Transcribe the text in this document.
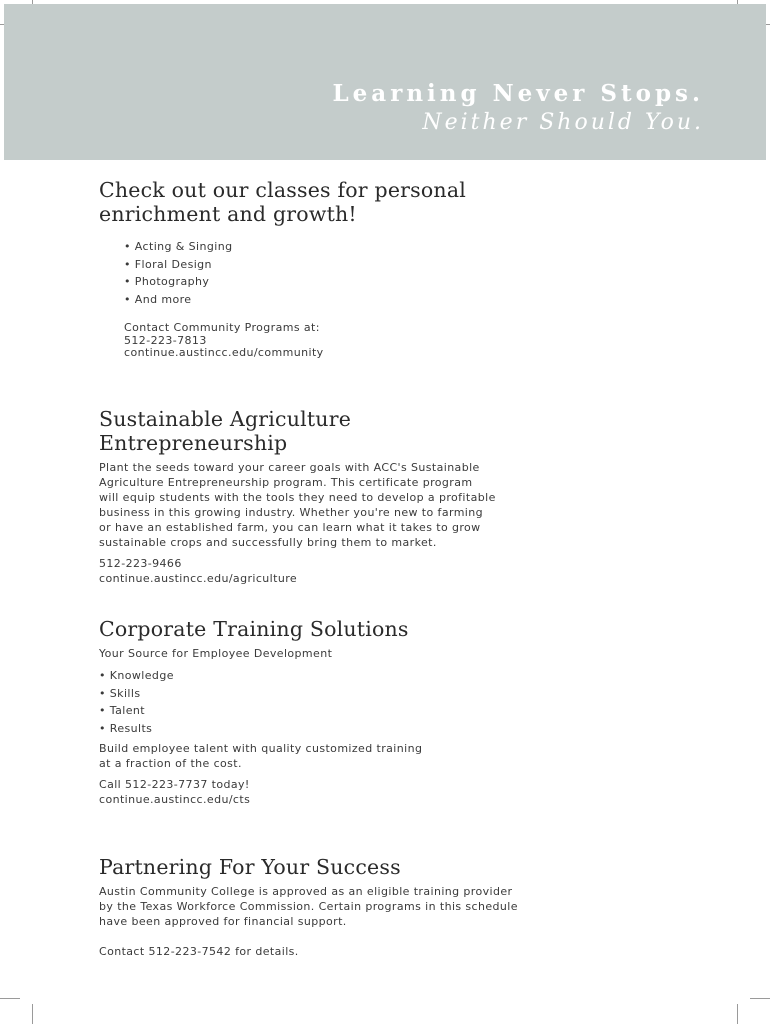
Learning Never Stops.

Neither Should You.

Check out our classes for personal
enrichment and growth!
• Acting & Singing
• Floral Design
• Photography
• And more

Contact Community Programs at:

512-223-7813

continue.austincc.edu/community

Sustainable Agriculture
Entrepreneurship

Plant the seeds toward your career goals with ACC's Sustainable

Agriculture Entrepreneurship program. This certificate program

will equip students with the tools they need to develop a profitable

business in this growing industry. Whether you're new to farming

or have an established farm, you can learn what it takes to grow

sustainable crops and successfully bring them to market.

512-223-9466

continue.austincc.edu/agriculture

Corporate Training Solutions

Your Source for Employee Development

• Knowledge
• Skills
• Talent
• Results

Build employee talent with quality customized training

at a fraction of the cost.

Call 512-223-7737 today!

continue.austincc.edu/cts

Partnering For Your Success

Austin Community College is approved as an eligible training provider

by the Texas Workforce Commission. Certain programs in this schedule

have been approved for financial support.

Contact 512-223-7542 for details.
